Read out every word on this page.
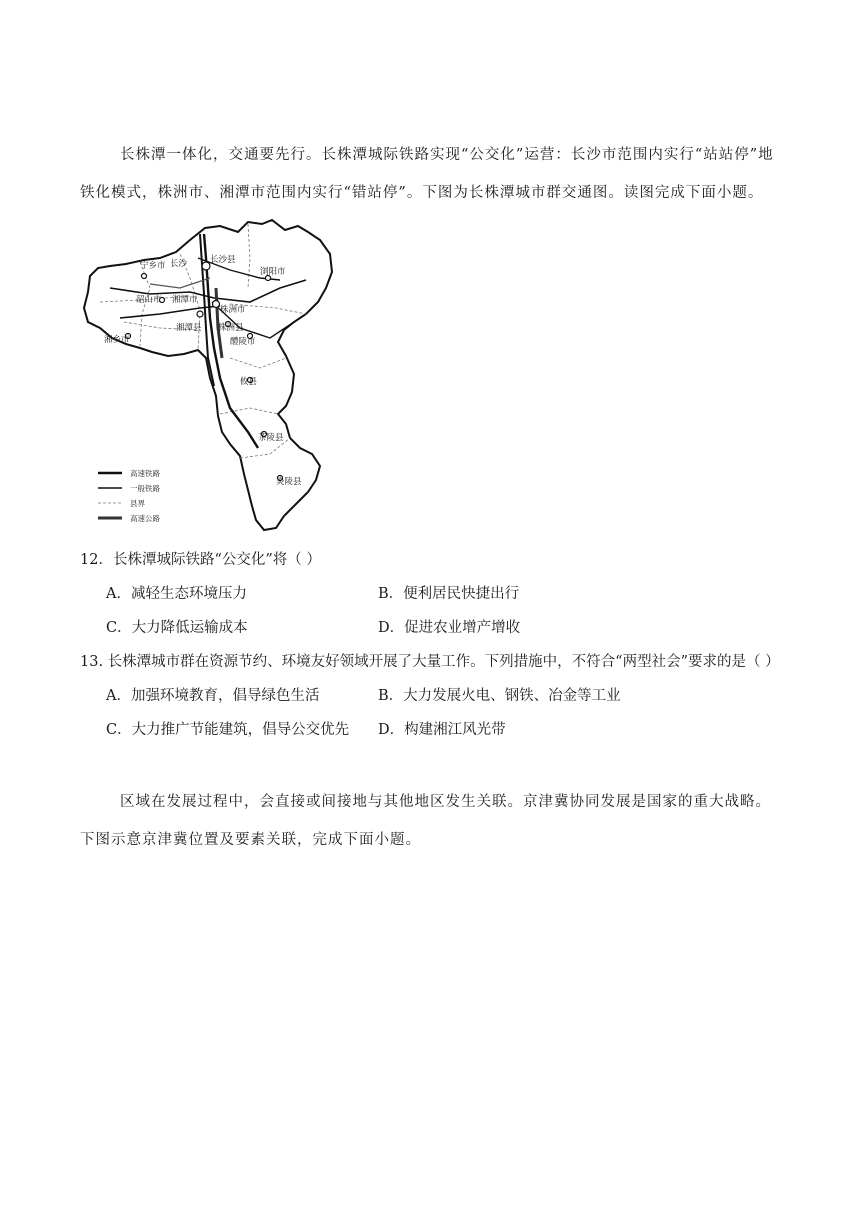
长株潭一体化，交通要先行。长株潭城际铁路实现“公交化”运营：长沙市范围内实行“站站停”地铁化模式，株洲市、湘潭市范围内实行“错站停”。下图为长株潭城市群交通图。读图完成下面小题。
宁乡市 长沙	长沙县
浏阳市
韶山市 湘潭市
株洲市
湘潭县 株洲县
醴陵市
湘乡市
攸县
茶陵县
炎陵县
高速铁路
一般铁路
县界
高速公路
12．长株潭城际铁路“公交化”将（ ）
A．减轻生态环境压力	B．便利居民快捷出行
C．大力降低运输成本	D．促进农业增产增收
13. 长株潭城市群在资源节约、环境友好领域开展了大量工作。下列措施中，不符合“两型社会”要求的是（ ）
A．加强环境教育，倡导绿色生活	B．大力发展火电、钢铁、冶金等工业
C．大力推广节能建筑，倡导公交优先 D．构建湘江风光带
区域在发展过程中，会直接或间接地与其他地区发生关联。京津冀协同发展是国家的重大战略。下图示意京津冀位置及要素关联，完成下面小题。
